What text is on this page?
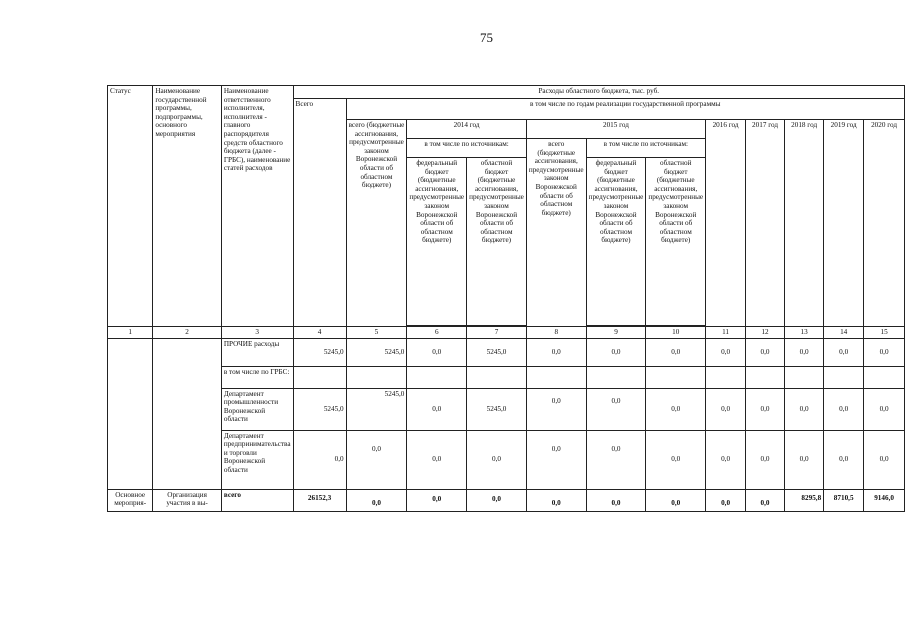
75
Статус	Наименование государственной программы, подпрограммы, основного мероприятия	Наименование ответственного исполнителя, исполнителя - главного распорядителя средств областного бюджета (далее - ГРБС), наименование статей расходов	Расходы областного бюджета, тыс. руб.											
			Всего	в том числе по годам реализации государственной программы										
				всего (бюджетные ассигнования, предусмотренные законом Воронежской области об областном бюджете)	2014 год		2015 год			2016 год	2017 год	2018 год	2019 год	2020 год
					в том числе по источникам:		всего (бюджетные ассигнования, предусмотренные законом Воронежской области об областном бюджете)	в том числе по источникам:						
					федеральный бюджет (бюджетные ассигнования, предусмотренные законом Воронежской области об областном бюджете)	областной бюджет (бюджетные ассигнования, предусмотренные законом Воронежской области об областном бюджете)		федеральный бюджет (бюджетные ассигнования, предусмотренные законом Воронежской области об областном бюджете)	областной бюджет (бюджетные ассигнования, предусмотренные законом Воронежской области об областном бюджете)					

1	2	3	4	5	6	7	8	9	10	11	12	13	14	15
		ПРОЧИЕ расходы	5245,0	5245,0	0,0	5245,0	0,0	0,0	0,0	0,0	0,0	0,0	0,0	0,0
		в том числе по ГРБС:												
		Департамент промышленности Воронежской области	5245,0	5245,0	0,0	5245,0	0,0	0,0	0,0	0,0	0,0	0,0	0,0	0,0
		Департамент предпринимательства и торговли Воронежской области	0,0	0,0	0,0	0,0	0,0	0,0	0,0	0,0	0,0	0,0	0,0	0,0
Основное мероприя-	Организация участия в вы-	всего	26152,3	0,0	0,0	0,0	0,0	0,0	0,0	0,0	0,0	8295,8	8710,5	9146,0
